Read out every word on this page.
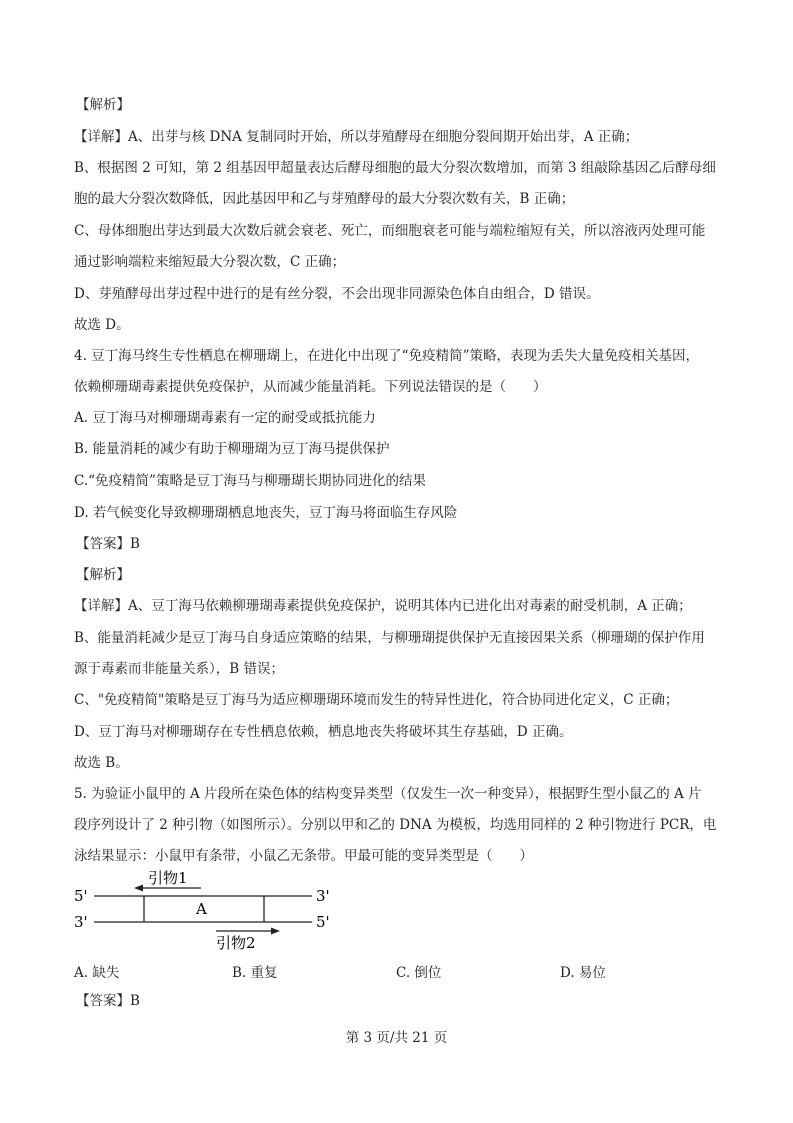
【解析】
【详解】A、出芽与核 DNA 复制同时开始，所以芽殖酵母在细胞分裂间期开始出芽，A 正确；
B、根据图 2 可知，第 2 组基因甲超量表达后酵母细胞的最大分裂次数增加，而第 3 组敲除基因乙后酵母细
胞的最大分裂次数降低，因此基因甲和乙与芽殖酵母的最大分裂次数有关，B 正确；
C、母体细胞出芽达到最大次数后就会衰老、死亡，而细胞衰老可能与端粒缩短有关，所以溶液丙处理可能
通过影响端粒来缩短最大分裂次数，C 正确；
D、芽殖酵母出芽过程中进行的是有丝分裂，不会出现非同源染色体自由组合，D 错误。
故选 D。
4. 豆丁海马终生专性栖息在柳珊瑚上，在进化中出现了“免疫精简”策略，表现为丢失大量免疫相关基因，
依赖柳珊瑚毒素提供免疫保护，从而减少能量消耗。下列说法错误的是（　　）
A. 豆丁海马对柳珊瑚毒素有一定的耐受或抵抗能力
B. 能量消耗的减少有助于柳珊瑚为豆丁海马提供保护
C.“免疫精简”策略是豆丁海马与柳珊瑚长期协同进化的结果
D. 若气候变化导致柳珊瑚栖息地丧失，豆丁海马将面临生存风险
【答案】B
【解析】
【详解】A、豆丁海马依赖柳珊瑚毒素提供免疫保护，说明其体内已进化出对毒素的耐受机制，A 正确；
B、能量消耗减少是豆丁海马自身适应策略的结果，与柳珊瑚提供保护无直接因果关系（柳珊瑚的保护作用
源于毒素而非能量关系），B 错误；
C、"免疫精简"策略是豆丁海马为适应柳珊瑚环境而发生的特异性进化，符合协同进化定义，C 正确；
D、豆丁海马对柳珊瑚存在专性栖息依赖，栖息地丧失将破坏其生存基础，D 正确。
故选 B。
5. 为验证小鼠甲的 A 片段所在染色体的结构变异类型（仅发生一次一种变异），根据野生型小鼠乙的 A 片
段序列设计了 2 种引物（如图所示）。分别以甲和乙的 DNA 为模板，均选用同样的 2 种引物进行 PCR，电
泳结果显示：小鼠甲有条带，小鼠乙无条带。甲最可能的变异类型是（　　）
5'	3'
3'	5'
A
引物1
引物2
A. 缺失	B. 重复	C. 倒位	D. 易位
【答案】B
第 3 页/共 21 页
